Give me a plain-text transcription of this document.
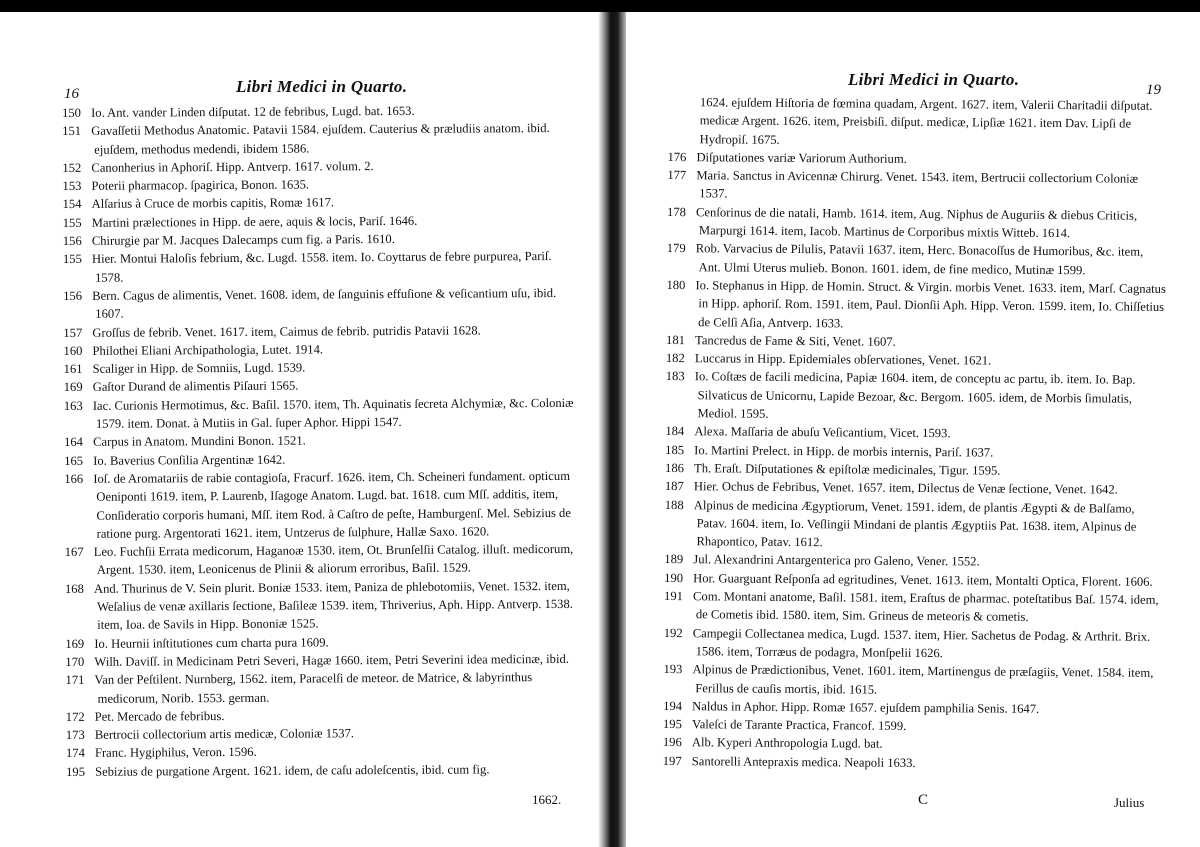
16	Libri Medici in Quarto.
150 Io. Ant. vander Linden diſputat. 12 de febribus, Lugd. bat. 1653.
151 Gavaſſetii Methodus Anatomic. Patavii 1584. ejuſdem. Cauterius & præludiis anatom. ibid. ejuſdem, methodus medendi, ibidem 1586.
152 Canonherius in Aphoriſ. Hipp. Antverp. 1617. volum. 2.
153 Poterii pharmacop. ſpagirica, Bonon. 1635.
154 Alſarius à Cruce de morbis capitis, Romæ 1617.
155 Martini prælectiones in Hipp. de aere, aquis & locis, Pariſ. 1646.
156 Chirurgie par M. Jacques Dalecamps cum fig. a Paris. 1610.
155 Hier. Montui Haloſis febrium, &c. Lugd. 1558. item. Io. Coyttarus de febre purpurea, Pariſ. 1578.
156 Bern. Cagus de alimentis, Venet. 1608. idem, de ſanguinis effuſione & veſicantium uſu, ibid. 1607.
157 Groſſus de febrib. Venet. 1617. item, Caimus de febrib. putridis Patavii 1628.
160 Philothei Eliani Archipathologia, Lutet. 1914.
161 Scaliger in Hipp. de Somniis, Lugd. 1539.
169 Gaſtor Durand de alimentis Piſauri 1565.
163 Iac. Curionis Hermotimus, &c. Baſil. 1570. item, Th. Aquinatis ſecreta Alchymiæ, &c. Coloniæ 1579. item. Donat. à Mutiis in Gal. ſuper Aphor. Hippi 1547.
164 Carpus in Anatom. Mundini Bonon. 1521.
165 Io. Baverius Conſilia Argentinæ 1642.
166 Ioſ. de Aromatariis de rabie contagioſa, Fracurf. 1626. item, Ch. Scheineri fundament. opticum Oeniponti 1619. item, P. Laurenb, Iſagoge Anatom. Lugd. bat. 1618. cum Mſſ. additis, item, Conſideratio corporis humani, Mſſ. item Rod. à Caſtro de peſte, Hamburgenſ. Mel. Sebizius de ratione purg. Argentorati 1621. item, Untzerus de ſulphure, Hallæ Saxo. 1620.
167 Leo. Fuchſii Errata medicorum, Haganoæ 1530. item, Ot. Brunſelſii Catalog. illuſt. medicorum, Argent. 1530. item, Leonicenus de Plinii & aliorum erroribus, Baſil. 1529.
168 And. Thurinus de V. Sein plurit. Boniæ 1533. item, Paniza de phlebotomiis, Venet. 1532. item, Weſalius de venæ axillaris ſectione, Baſileæ 1539. item, Thriverius, Aph. Hipp. Antverp. 1538. item, Ioa. de Savils in Hipp. Bononiæ 1525.
169 Io. Heurnii inſtitutiones cum charta pura 1609.
170 Wilh. Daviſſ. in Medicinam Petri Severi, Hagæ 1660. item, Petri Severini idea medicinæ, ibid.
171 Van der Peſtilent. Nurnberg, 1562. item, Paracelſi de meteor. de Matrice, & labyrinthus medicorum, Norib. 1553. german.
172 Pet. Mercado de febribus.
173 Bertrocii collectorium artis medicæ, Coloniæ 1537.
174 Franc. Hygiphilus, Veron. 1596.
195 Sebizius de purgatione Argent. 1621. idem, de caſu adoleſcentis, ibid. cum fig.
1662.
19
Libri Medici in Quarto.
1624. ejuſdem Hiſtoria de fœmina quadam, Argent. 1627. item, Valerii Charitadii diſputat. medicæ Argent. 1626. item, Preisbiſi. diſput. medicæ, Lipſiæ 1621. item Dav. Lipſi de Hydropiſ. 1675.
176 Diſputationes variæ Variorum Authorium.
177 Maria. Sanctus in Avicennæ Chirurg. Venet. 1543. item, Bertrucii collectorium Coloniæ 1537.
178 Cenſorinus de die natali, Hamb. 1614. item, Aug. Niphus de Auguriis & diebus Criticis, Marpurgi 1614. item, Iacob. Martinus de Corporibus mixtis Witteb. 1614.
179 Rob. Varvacius de Pilulis, Patavii 1637. item, Herc. Bonacoſſus de Humoribus, &c. item, Ant. Ulmi Uterus mulieb. Bonon. 1601. idem, de fine medico, Mutinæ 1599.
180 Io. Stephanus in Hipp. de Homin. Struct. & Virgin. morbis Venet. 1633. item, Marſ. Cagnatus in Hipp. aphoriſ. Rom. 1591. item, Paul. Dionſii Aph. Hipp. Veron. 1599. item, Io. Chiſſetius de Celſi Aſia, Antverp. 1633.
181 Tancredus de Fame & Siti, Venet. 1607.
182 Luccarus in Hipp. Epidemiales obſervationes, Venet. 1621.
183 Io. Coſtæs de facili medicina, Papiæ 1604. item, de conceptu ac partu, ib. item. Io. Bap. Silvaticus de Unicornu, Lapide Bezoar, &c. Bergom. 1605. idem, de Morbis ſimulatis, Mediol. 1595.
184 Alexa. Maſſaria de abuſu Veſicantium, Vicet. 1593.
185 Io. Martini Prelect. in Hipp. de morbis internis, Pariſ. 1637.
186 Th. Eraſt. Diſputationes & epiſtolæ medicinales, Tigur. 1595.
187 Hier. Ochus de Febribus, Venet. 1657. item, Dilectus de Venæ ſectione, Venet. 1642.
188 Alpinus de medicina Ægyptiorum, Venet. 1591. idem, de plantis Ægypti & de Balſamo, Patav. 1604. item, Io. Veſlingii Mindani de plantis Ægyptiis Pat. 1638. item, Alpinus de Rhapontico, Patav. 1612.
189 Jul. Alexandrini Antargenterica pro Galeno, Vener. 1552.
190 Hor. Guarguant Reſponſa ad egritudines, Venet. 1613. item, Montalti Optica, Florent. 1606.
191 Com. Montani anatome, Baſil. 1581. item, Eraſtus de pharmac. poteſtatibus Baſ. 1574. idem, de Cometis ibid. 1580. item, Sim. Grineus de meteoris & cometis.
192 Campegii Collectanea medica, Lugd. 1537. item, Hier. Sachetus de Podag. & Arthrit. Brix. 1586. item, Torræus de podagra, Monſpelii 1626.
193 Alpinus de Prædictionibus, Venet. 1601. item, Martinengus de præſagiis, Venet. 1584. item, Ferillus de cauſis mortis, ibid. 1615.
194 Naldus in Aphor. Hipp. Romæ 1657. ejuſdem pamphilia Senis. 1647.
195 Valeſci de Tarante Practica, Francof. 1599.
196 Alb. Kyperi Anthropologia Lugd. bat.
197 Santorelli Antepraxis medica. Neapoli 1633.
C	Julius
